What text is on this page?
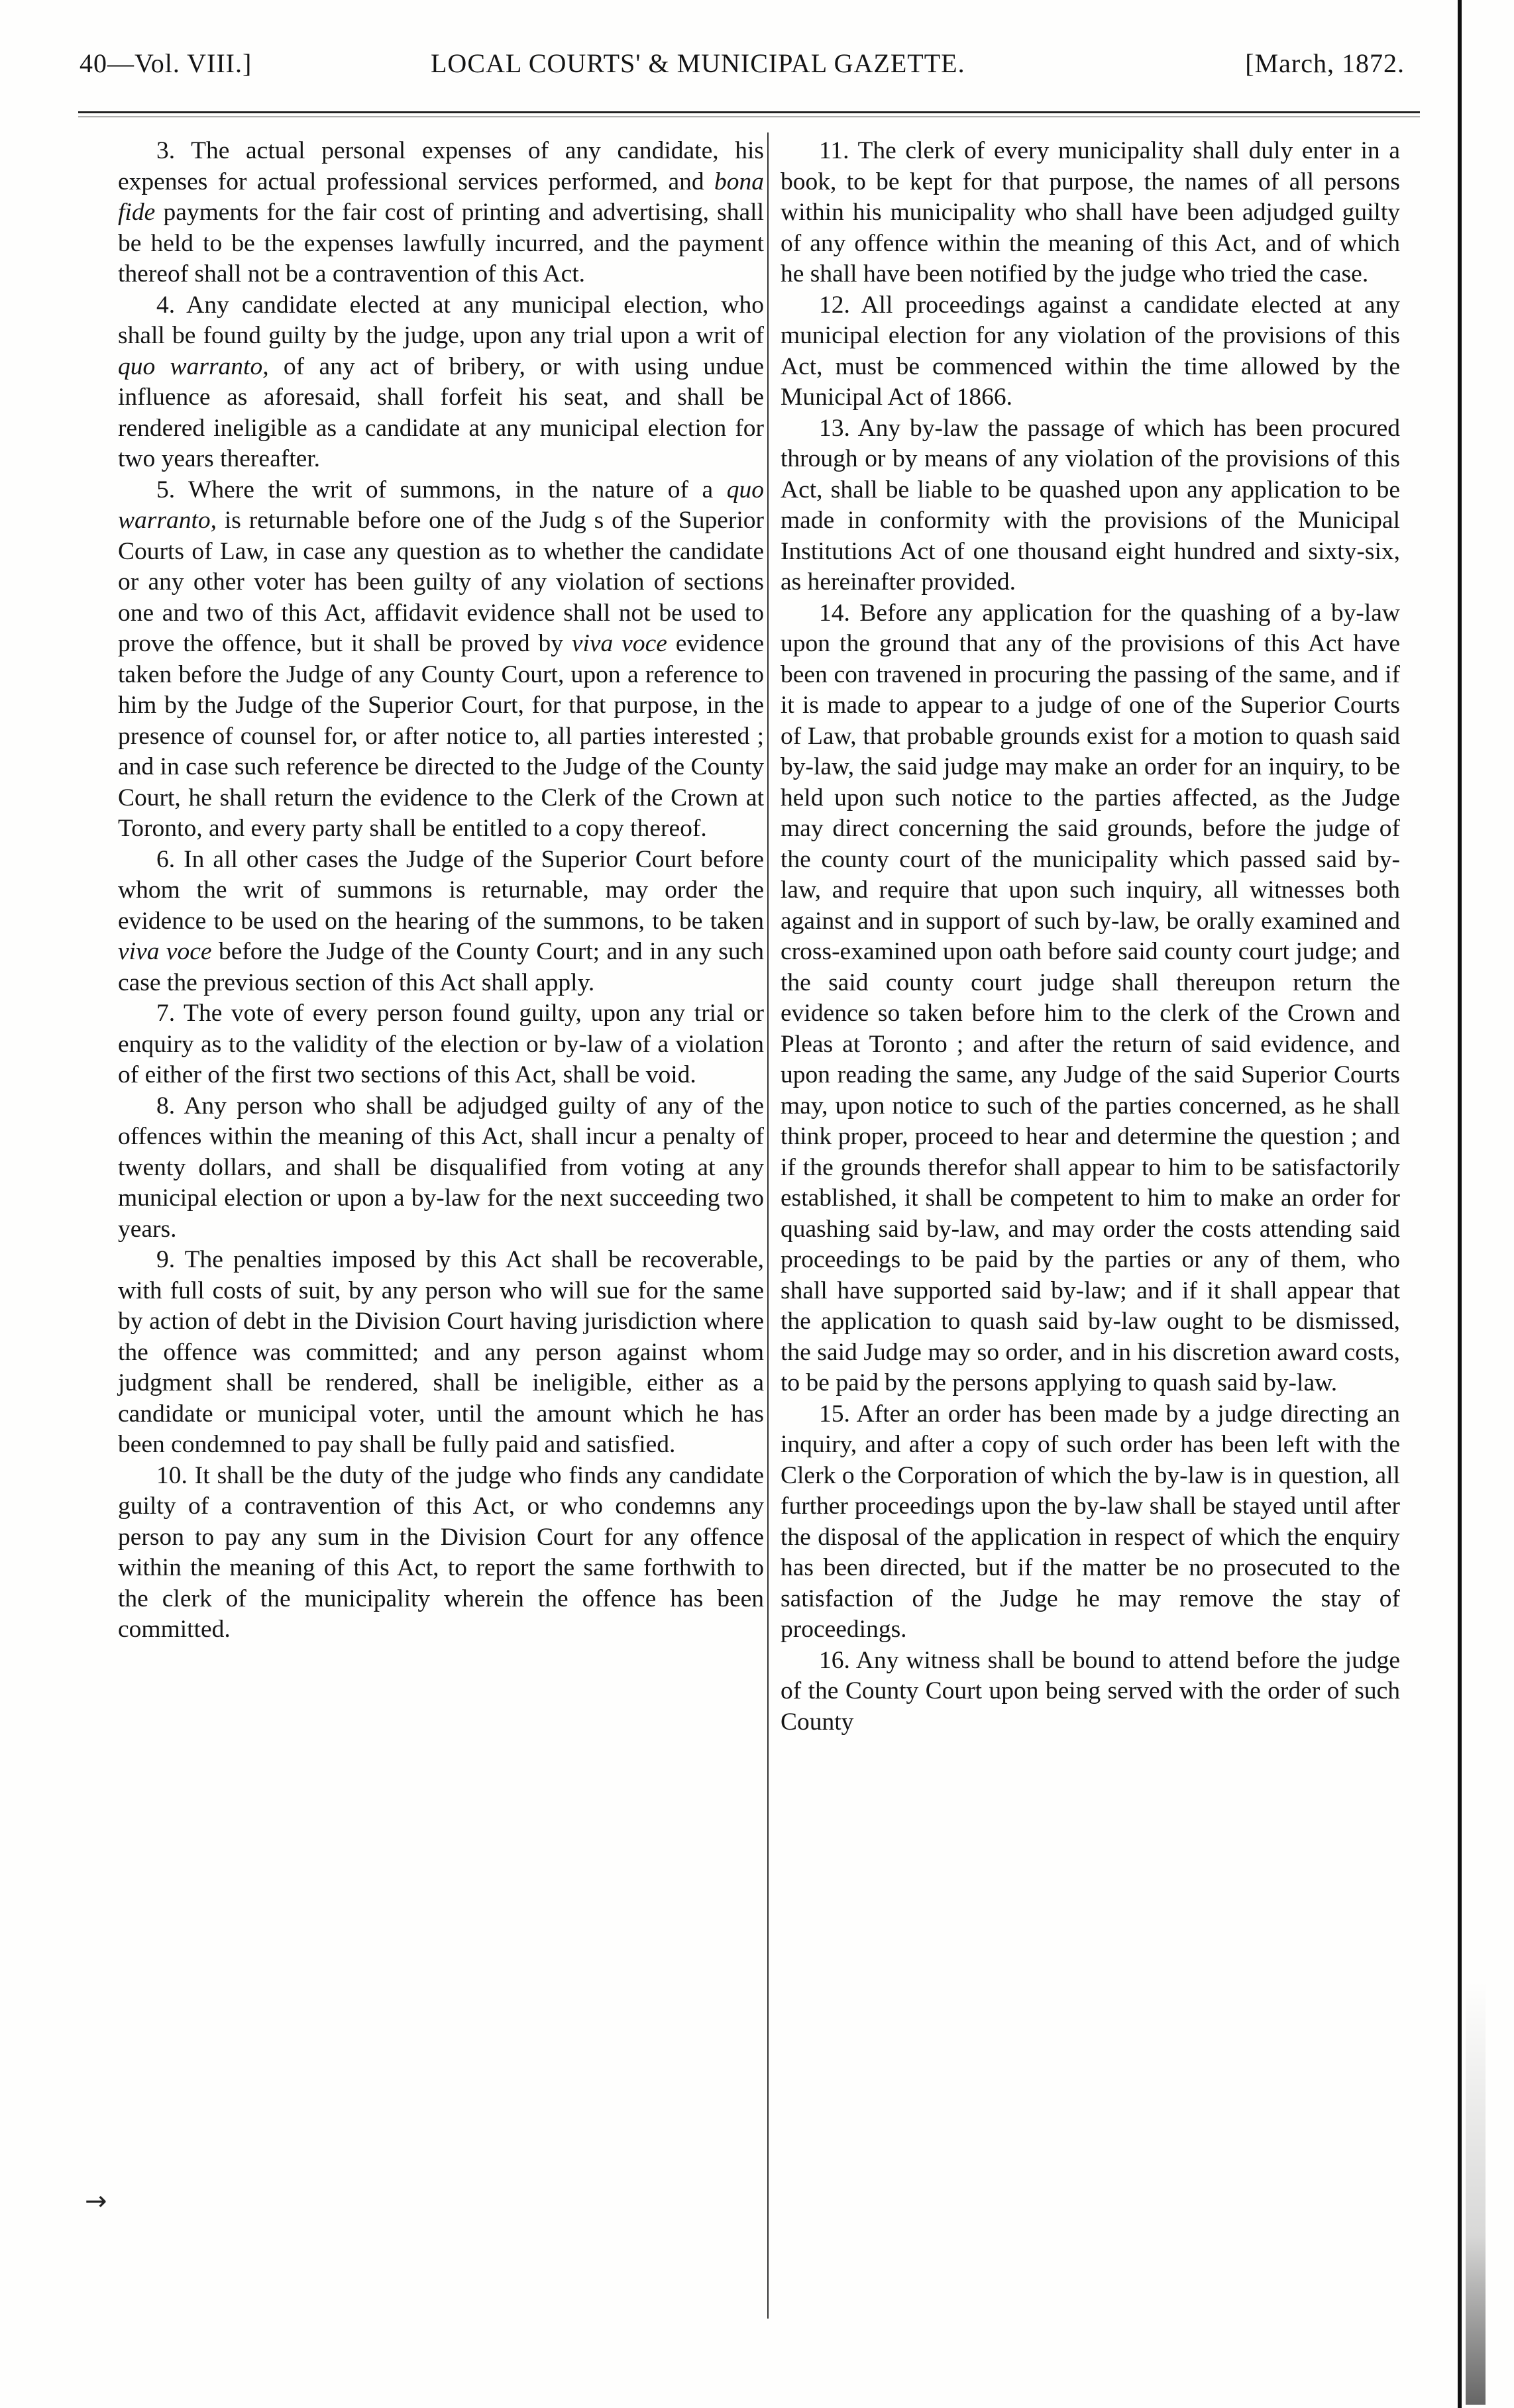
40—Vol. VIII.]	LOCAL COURTS' & MUNICIPAL GAZETTE.	[March, 1872.

3. The actual personal expenses of any candidate, his expenses for actual professional services performed, and bona fide payments for the fair cost of printing and advertising, shall be held to be the expenses lawfully incurred, and the payment thereof shall not be a contravention of this Act.

4. Any candidate elected at any municipal election, who shall be found guilty by the judge, upon any trial upon a writ of quo warranto, of any act of bribery, or with using undue influence as aforesaid, shall forfeit his seat, and shall be rendered ineligible as a candidate at any municipal election for two years thereafter.

5. Where the writ of summons, in the nature of a quo warranto, is returnable before one of the Judg s of the Superior Courts of Law, in case any question as to whether the candidate or any other voter has been guilty of any violation of sections one and two of this Act, affidavit evidence shall not be used to prove the offence, but it shall be proved by viva voce evidence taken before the Judge of any County Court, upon a reference to him by the Judge of the Superior Court, for that purpose, in the presence of counsel for, or after notice to, all parties interested ; and in case such reference be directed to the Judge of the County Court, he shall return the evidence to the Clerk of the Crown at Toronto, and every party shall be entitled to a copy thereof.

6. In all other cases the Judge of the Superior Court before whom the writ of summons is returnable, may order the evidence to be used on the hearing of the summons, to be taken viva voce before the Judge of the County Court; and in any such case the previous section of this Act shall apply.

7. The vote of every person found guilty, upon any trial or enquiry as to the validity of the election or by-law of a violation of either of the first two sections of this Act, shall be void.

8. Any person who shall be adjudged guilty of any of the offences within the meaning of this Act, shall incur a penalty of twenty dollars, and shall be disqualified from voting at any municipal election or upon a by-law for the next succeeding two years.

9. The penalties imposed by this Act shall be recoverable, with full costs of suit, by any person who will sue for the same by action of debt in the Division Court having jurisdiction where the offence was committed; and any person against whom judgment shall be rendered, shall be ineligible, either as a candidate or municipal voter, until the amount which he has been condemned to pay shall be fully paid and satisfied.

10. It shall be the duty of the judge who finds any candidate guilty of a contravention of this Act, or who condemns any person to pay any sum in the Division Court for any offence within the meaning of this Act, to report the same forthwith to the clerk of the municipality wherein the offence has been committed.

11. The clerk of every municipality shall duly enter in a book, to be kept for that purpose, the names of all persons within his municipality who shall have been adjudged guilty of any offence within the meaning of this Act, and of which he shall have been notified by the judge who tried the case.

12. All proceedings against a candidate elected at any municipal election for any violation of the provisions of this Act, must be commenced within the time allowed by the Municipal Act of 1866.

13. Any by-law the passage of which has been procured through or by means of any violation of the provisions of this Act, shall be liable to be quashed upon any application to be made in conformity with the provisions of the Municipal Institutions Act of one thousand eight hundred and sixty-six, as hereinafter provided.

14. Before any application for the quashing of a by-law upon the ground that any of the provisions of this Act have been con travened in procuring the passing of the same, and if it is made to appear to a judge of one of the Superior Courts of Law, that probable grounds exist for a motion to quash said by-law, the said judge may make an order for an inquiry, to be held upon such notice to the parties affected, as the Judge may direct concerning the said grounds, before the judge of the county court of the municipality which passed said by-law, and require that upon such inquiry, all witnesses both against and in support of such by-law, be orally examined and cross-examined upon oath before said county court judge; and the said county court judge shall thereupon return the evidence so taken before him to the clerk of the Crown and Pleas at Toronto ; and after the return of said evidence, and upon reading the same, any Judge of the said Superior Courts may, upon notice to such of the parties concerned, as he shall think proper, proceed to hear and determine the question ; and if the grounds therefor shall appear to him to be satisfactorily established, it shall be competent to him to make an order for quashing said by-law, and may order the costs attending said proceedings to be paid by the parties or any of them, who shall have supported said by-law; and if it shall appear that the application to quash said by-law ought to be dismissed, the said Judge may so order, and in his discretion award costs, to be paid by the persons applying to quash said by-law.

15. After an order has been made by a judge directing an inquiry, and after a copy of such order has been left with the Clerk o the Corporation of which the by-law is in question, all further proceedings upon the by-law shall be stayed until after the disposal of the application in respect of which the enquiry has been directed, but if the matter be no prosecuted to the satisfaction of the Judge he may remove the stay of proceedings.

16. Any witness shall be bound to attend before the judge of the County Court upon being served with the order of such County

→
